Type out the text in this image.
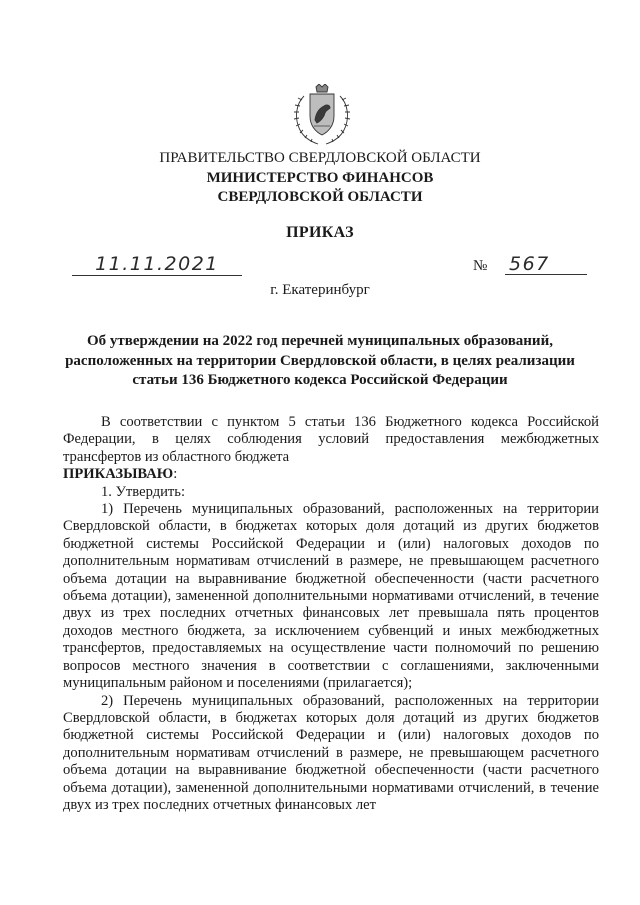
ПРАВИТЕЛЬСТВО СВЕРДЛОВСКОЙ ОБЛАСТИ
МИНИСТЕРСТВО ФИНАНСОВ
СВЕРДЛОВСКОЙ ОБЛАСТИ
ПРИКАЗ
11.11.2021	№ 567
г. Екатеринбург
Об утверждении на 2022 год перечней муниципальных образований, расположенных на территории Свердловской области, в целях реализации статьи 136 Бюджетного кодекса Российской Федерации

В соответствии с пунктом 5 статьи 136 Бюджетного кодекса Российской Федерации, в целях соблюдения условий предоставления межбюджетных трансфертов из областного бюджета

ПРИКАЗЫВАЮ:

1. Утвердить:

1) Перечень муниципальных образований, расположенных на территории Свердловской области, в бюджетах которых доля дотаций из других бюджетов бюджетной системы Российской Федерации и (или) налоговых доходов по дополнительным нормативам отчислений в размере, не превышающем расчетного объема дотации на выравнивание бюджетной обеспеченности (части расчетного объема дотации), замененной дополнительными нормативами отчислений, в течение двух из трех последних отчетных финансовых лет превышала пять процентов доходов местного бюджета, за исключением субвенций и иных межбюджетных трансфертов, предоставляемых на осуществление части полномочий по решению вопросов местного значения в соответствии с соглашениями, заключенными муниципальным районом и поселениями (прилагается);

2) Перечень муниципальных образований, расположенных на территории Свердловской области, в бюджетах которых доля дотаций из других бюджетов бюджетной системы Российской Федерации и (или) налоговых доходов по дополнительным нормативам отчислений в размере, не превышающем расчетного объема дотации на выравнивание бюджетной обеспеченности (части расчетного объема дотации), замененной дополнительными нормативами отчислений, в течение двух из трех последних отчетных финансовых лет
